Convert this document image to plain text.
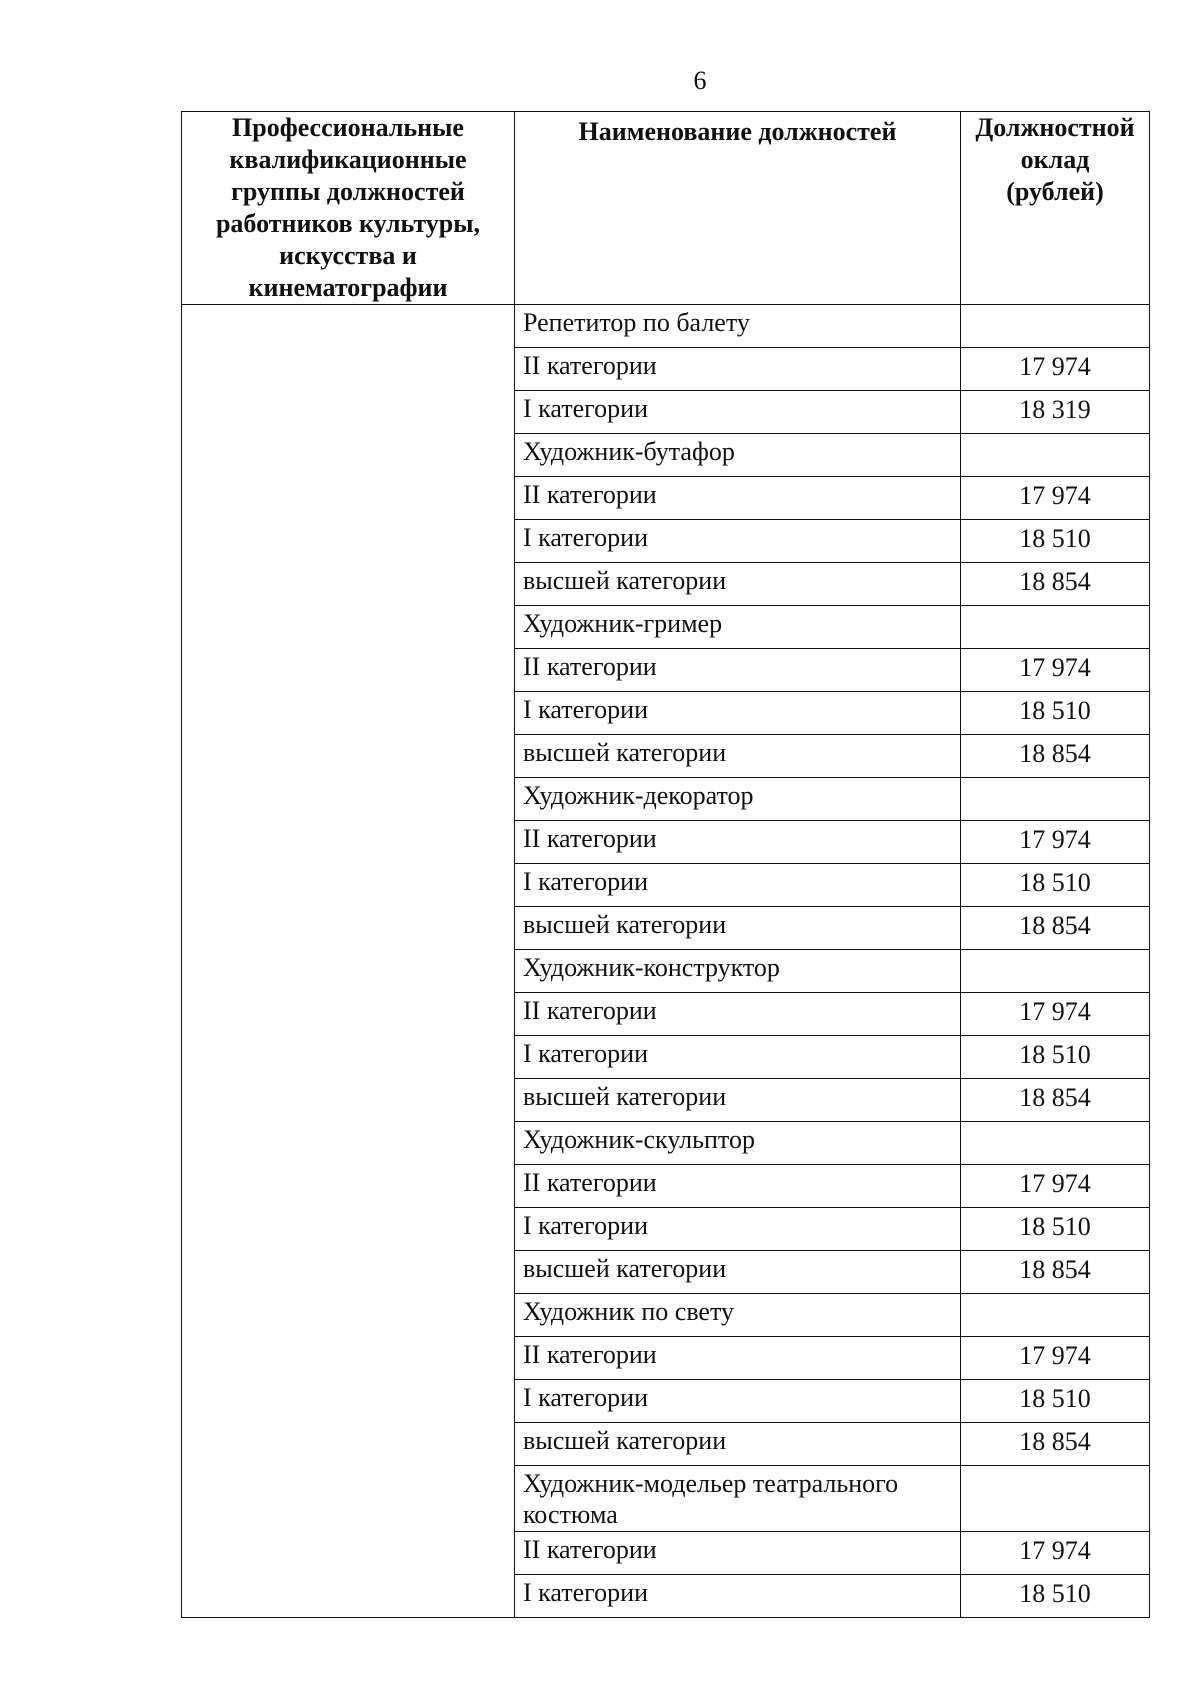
6
Профессиональные квалификационные группы должностей работников культуры, искусства и кинематографии	Наименование должностей	Должностной оклад (рублей)
	Репетитор по балету	
	II категории	17 974
	I категории	18 319
	Художник-бутафор	
	II категории	17 974
	I категории	18 510
	высшей категории	18 854
	Художник-гример	
	II категории	17 974
	I категории	18 510
	высшей категории	18 854
	Художник-декоратор	
	II категории	17 974
	I категории	18 510
	высшей категории	18 854
	Художник-конструктор	
	II категории	17 974
	I категории	18 510
	высшей категории	18 854
	Художник-скульптор	
	II категории	17 974
	I категории	18 510
	высшей категории	18 854
	Художник по свету	
	II категории	17 974
	I категории	18 510
	высшей категории	18 854
	Художник-модельер театрального костюма	
	II категории	17 974
	I категории	18 510
